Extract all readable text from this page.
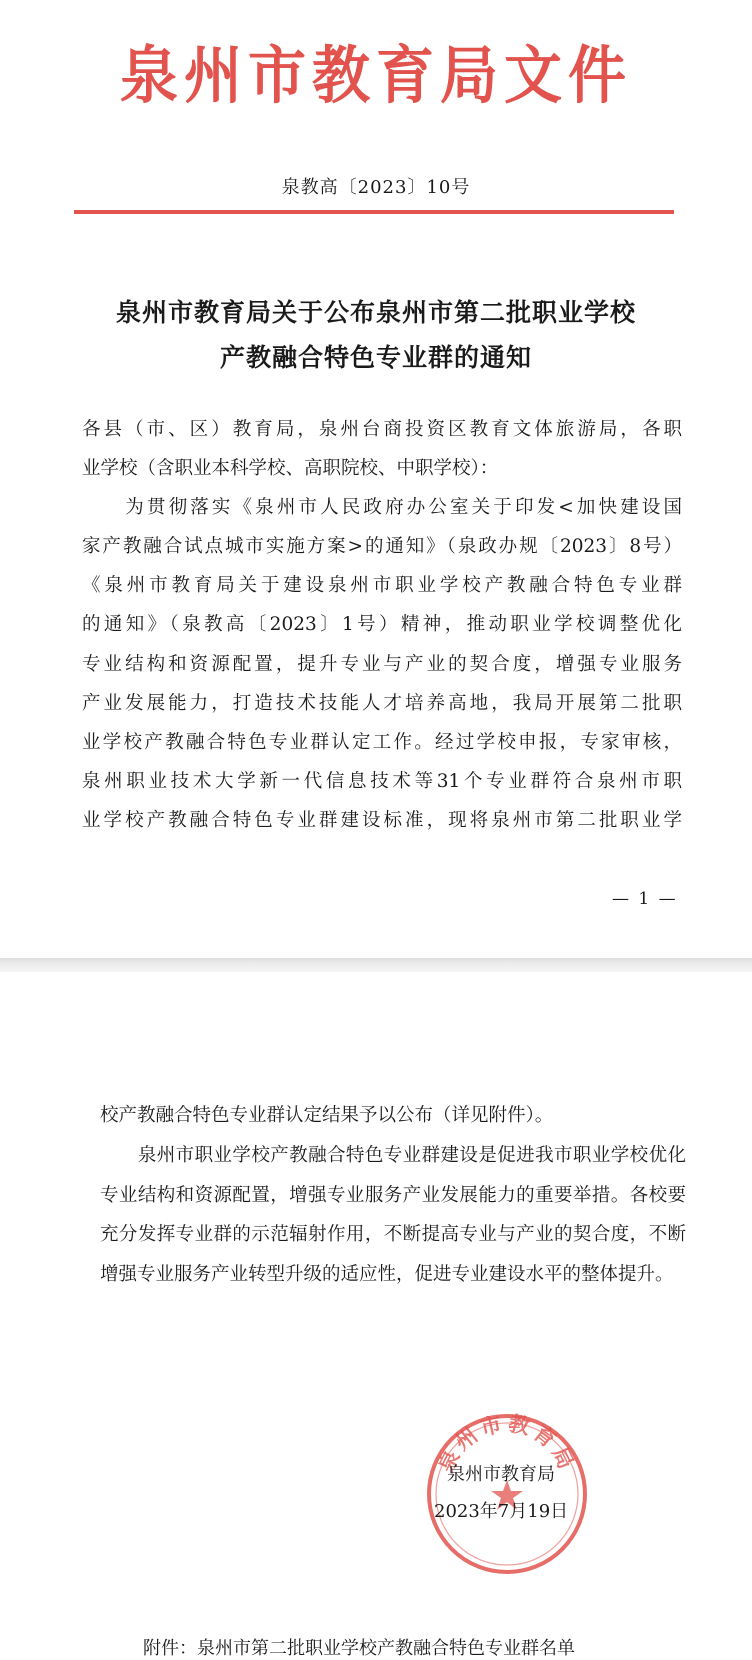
泉州市教育局文件
泉教高〔2023〕10号
泉州市教育局关于公布泉州市第二批职业学校
产教融合特色专业群的通知

各县（市、区）教育局，泉州台商投资区教育文体旅游局，各职

业学校（含职业本科学校、高职院校、中职学校）：

　　为贯彻落实《泉州市人民政府办公室关于印发<加快建设国

家产教融合试点城市实施方案>的通知》（泉政办规〔2023〕8号）

《泉州市教育局关于建设泉州市职业学校产教融合特色专业群

的通知》（泉教高〔2023〕1号）精神，推动职业学校调整优化

专业结构和资源配置，提升专业与产业的契合度，增强专业服务

产业发展能力，打造技术技能人才培养高地，我局开展第二批职

业学校产教融合特色专业群认定工作。经过学校申报，专家审核，

泉州职业技术大学新一代信息技术等31个专业群符合泉州市职

业学校产教融合特色专业群建设标准，现将泉州市第二批职业学

— 1 —

校产教融合特色专业群认定结果予以公布（详见附件）。

　　泉州市职业学校产教融合特色专业群建设是促进我市职业学校优化专业结构和资源配置，增强专业服务产业发展能力的重要举措。各校要充分发挥专业群的示范辐射作用，不断提高专业与产业的契合度，不断增强专业服务产业转型升级的适应性，促进专业建设水平的整体提升。

附件：泉州市第二批职业学校产教融合特色专业群名单
泉州市教育局
泉州市教育局
2023年7月19日
